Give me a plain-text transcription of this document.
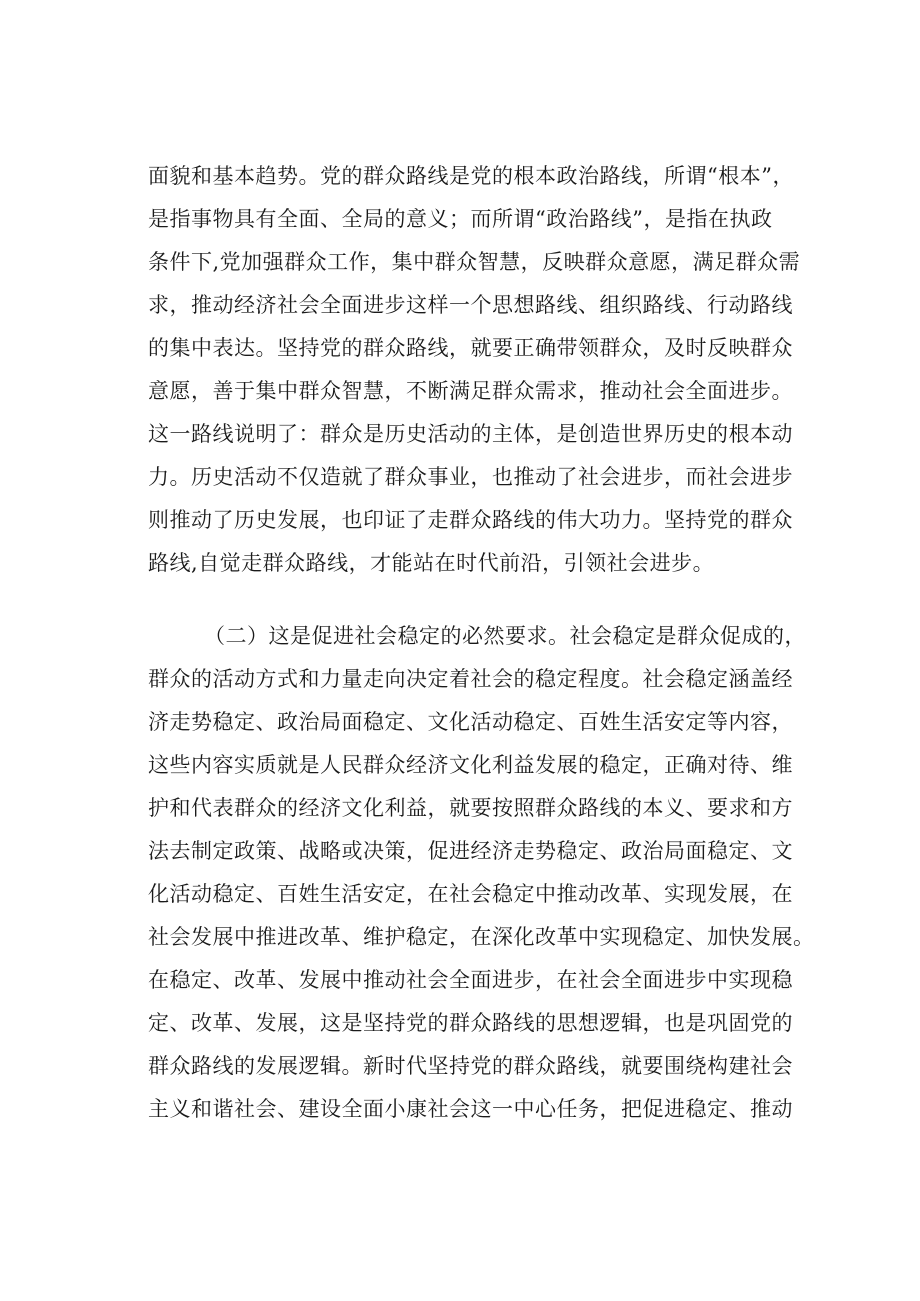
面貌和基本趋势。党的群众路线是党的根本政治路线，所谓“根本”，
是指事物具有全面、全局的意义；而所谓“政治路线”，是指在执政
条件下,党加强群众工作，集中群众智慧，反映群众意愿，满足群众需
求，推动经济社会全面进步这样一个思想路线、组织路线、行动路线
的集中表达。坚持党的群众路线，就要正确带领群众，及时反映群众
意愿，善于集中群众智慧，不断满足群众需求，推动社会全面进步。
这一路线说明了：群众是历史活动的主体，是创造世界历史的根本动
力。历史活动不仅造就了群众事业，也推动了社会进步，而社会进步
则推动了历史发展，也印证了走群众路线的伟大功力。坚持党的群众
路线,自觉走群众路线，才能站在时代前沿，引领社会进步。
（二）这是促进社会稳定的必然要求。社会稳定是群众促成的，
群众的活动方式和力量走向决定着社会的稳定程度。社会稳定涵盖经
济走势稳定、政治局面稳定、文化活动稳定、百姓生活安定等内容，
这些内容实质就是人民群众经济文化利益发展的稳定，正确对待、维
护和代表群众的经济文化利益，就要按照群众路线的本义、要求和方
法去制定政策、战略或决策，促进经济走势稳定、政治局面稳定、文
化活动稳定、百姓生活安定，在社会稳定中推动改革、实现发展，在
社会发展中推进改革、维护稳定，在深化改革中实现稳定、加快发展。
在稳定、改革、发展中推动社会全面进步，在社会全面进步中实现稳
定、改革、发展，这是坚持党的群众路线的思想逻辑，也是巩固党的
群众路线的发展逻辑。新时代坚持党的群众路线，就要围绕构建社会
主义和谐社会、建设全面小康社会这一中心任务，把促进稳定、推动
